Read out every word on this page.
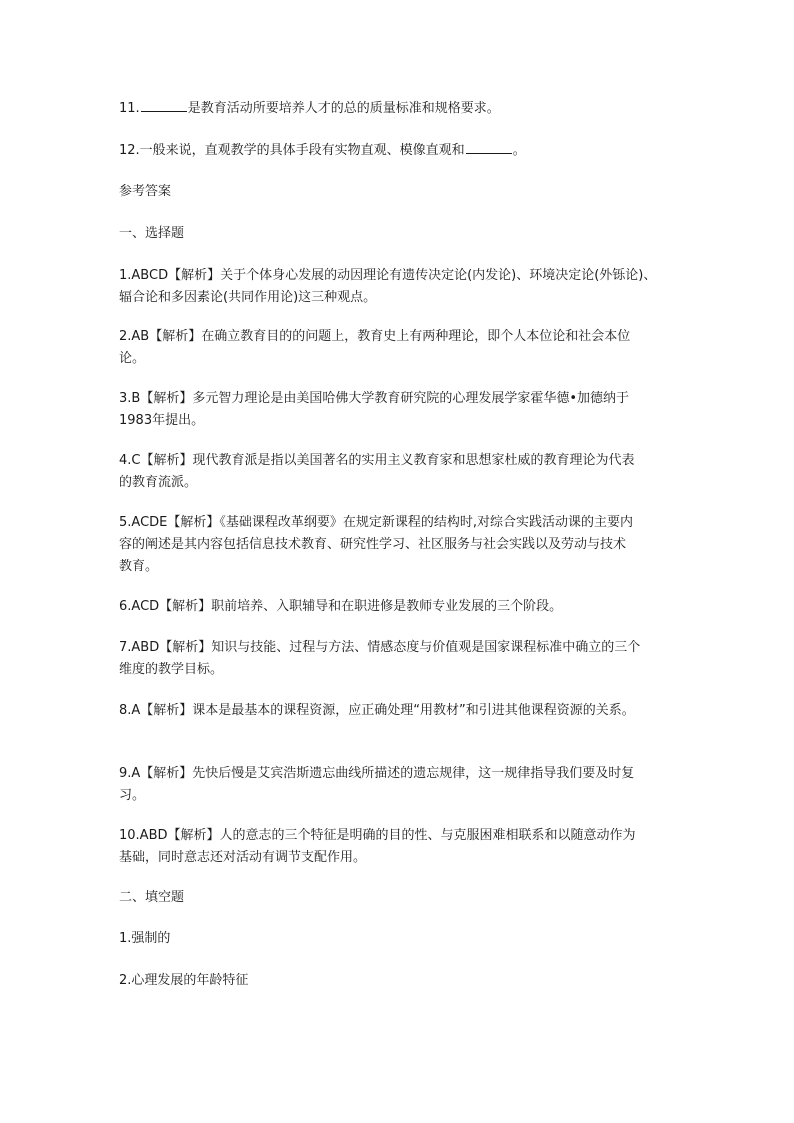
11.	是教育活动所要培养人才的总的质量标准和规格要求。
12.一般来说，直观教学的具体手段有实物直观、模像直观和	。
参考答案
一、选择题
1.ABCD【解析】关于个体身心发展的动因理论有遗传决定论(内发论)、环境决定论(外铄论)、
辐合论和多因素论(共同作用论)这三种观点。
2.AB【解析】在确立教育目的的问题上，教育史上有两种理论，即个人本位论和社会本位
论。
3.B【解析】多元智力理论是由美国哈佛大学教育研究院的心理发展学家霍华德•加德纳于
1983年提出。
4.C【解析】现代教育派是指以美国著名的实用主义教育家和思想家杜威的教育理论为代表
的教育流派。
5.ACDE【解析】《基础课程改革纲要》在规定新课程的结构时,对综合实践活动课的主要内
容的阐述是其内容包括信息技术教育、研究性学习、社区服务与社会实践以及劳动与技术
教育。
6.ACD【解析】职前培养、入职辅导和在职进修是教师专业发展的三个阶段。
7.ABD【解析】知识与技能、过程与方法、情感态度与价值观是国家课程标准中确立的三个
维度的教学目标。
8.A【解析】课本是最基本的课程资源，应正确处理“用教材”和引进其他课程资源的关系。
9.A【解析】先快后慢是艾宾浩斯遗忘曲线所描述的遗忘规律，这一规律指导我们要及时复
习。
10.ABD【解析】人的意志的三个特征是明确的目的性、与克服困难相联系和以随意动作为
基础，同时意志还对活动有调节支配作用。
二、填空题
1.强制的
2.心理发展的年龄特征
